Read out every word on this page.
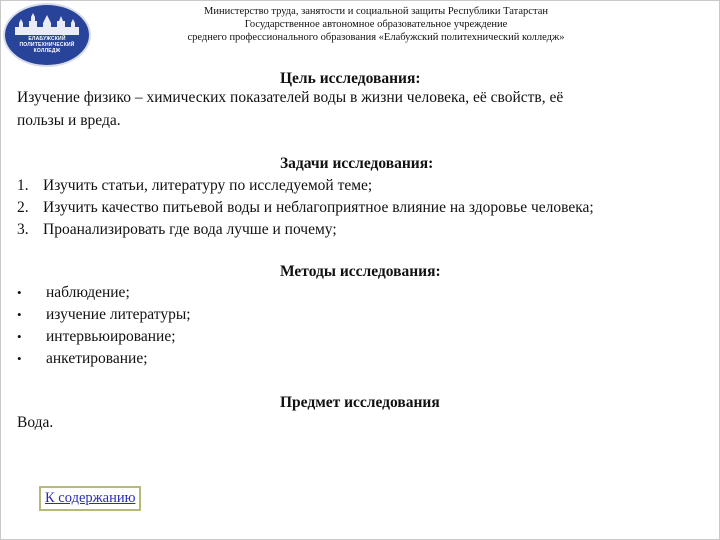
ЕЛАБУЖСКИЙ
ПОЛИТЕХНИЧЕСКИЙ
КОЛЛЕДЖ
Министерство труда, занятости и социальной защиты Республики Татарстан
Государственное автономное образовательное учреждение
среднего профессионального образования «Елабужский политехнический колледж»
Цель исследования:
Изучение физико – химических показателей воды в жизни человека, её свойств, её
пользы и вреда.
Задачи исследования:
1. Изучить статьи, литературу по исследуемой теме;
2. Изучить качество питьевой воды и неблагоприятное влияние на здоровье человека;
3. Проанализировать где вода лучше и почему;
Методы исследования:
• наблюдение;
• изучение литературы;
• интервьюирование;
• анкетирование;
Предмет исследования
Вода.
К содержанию
